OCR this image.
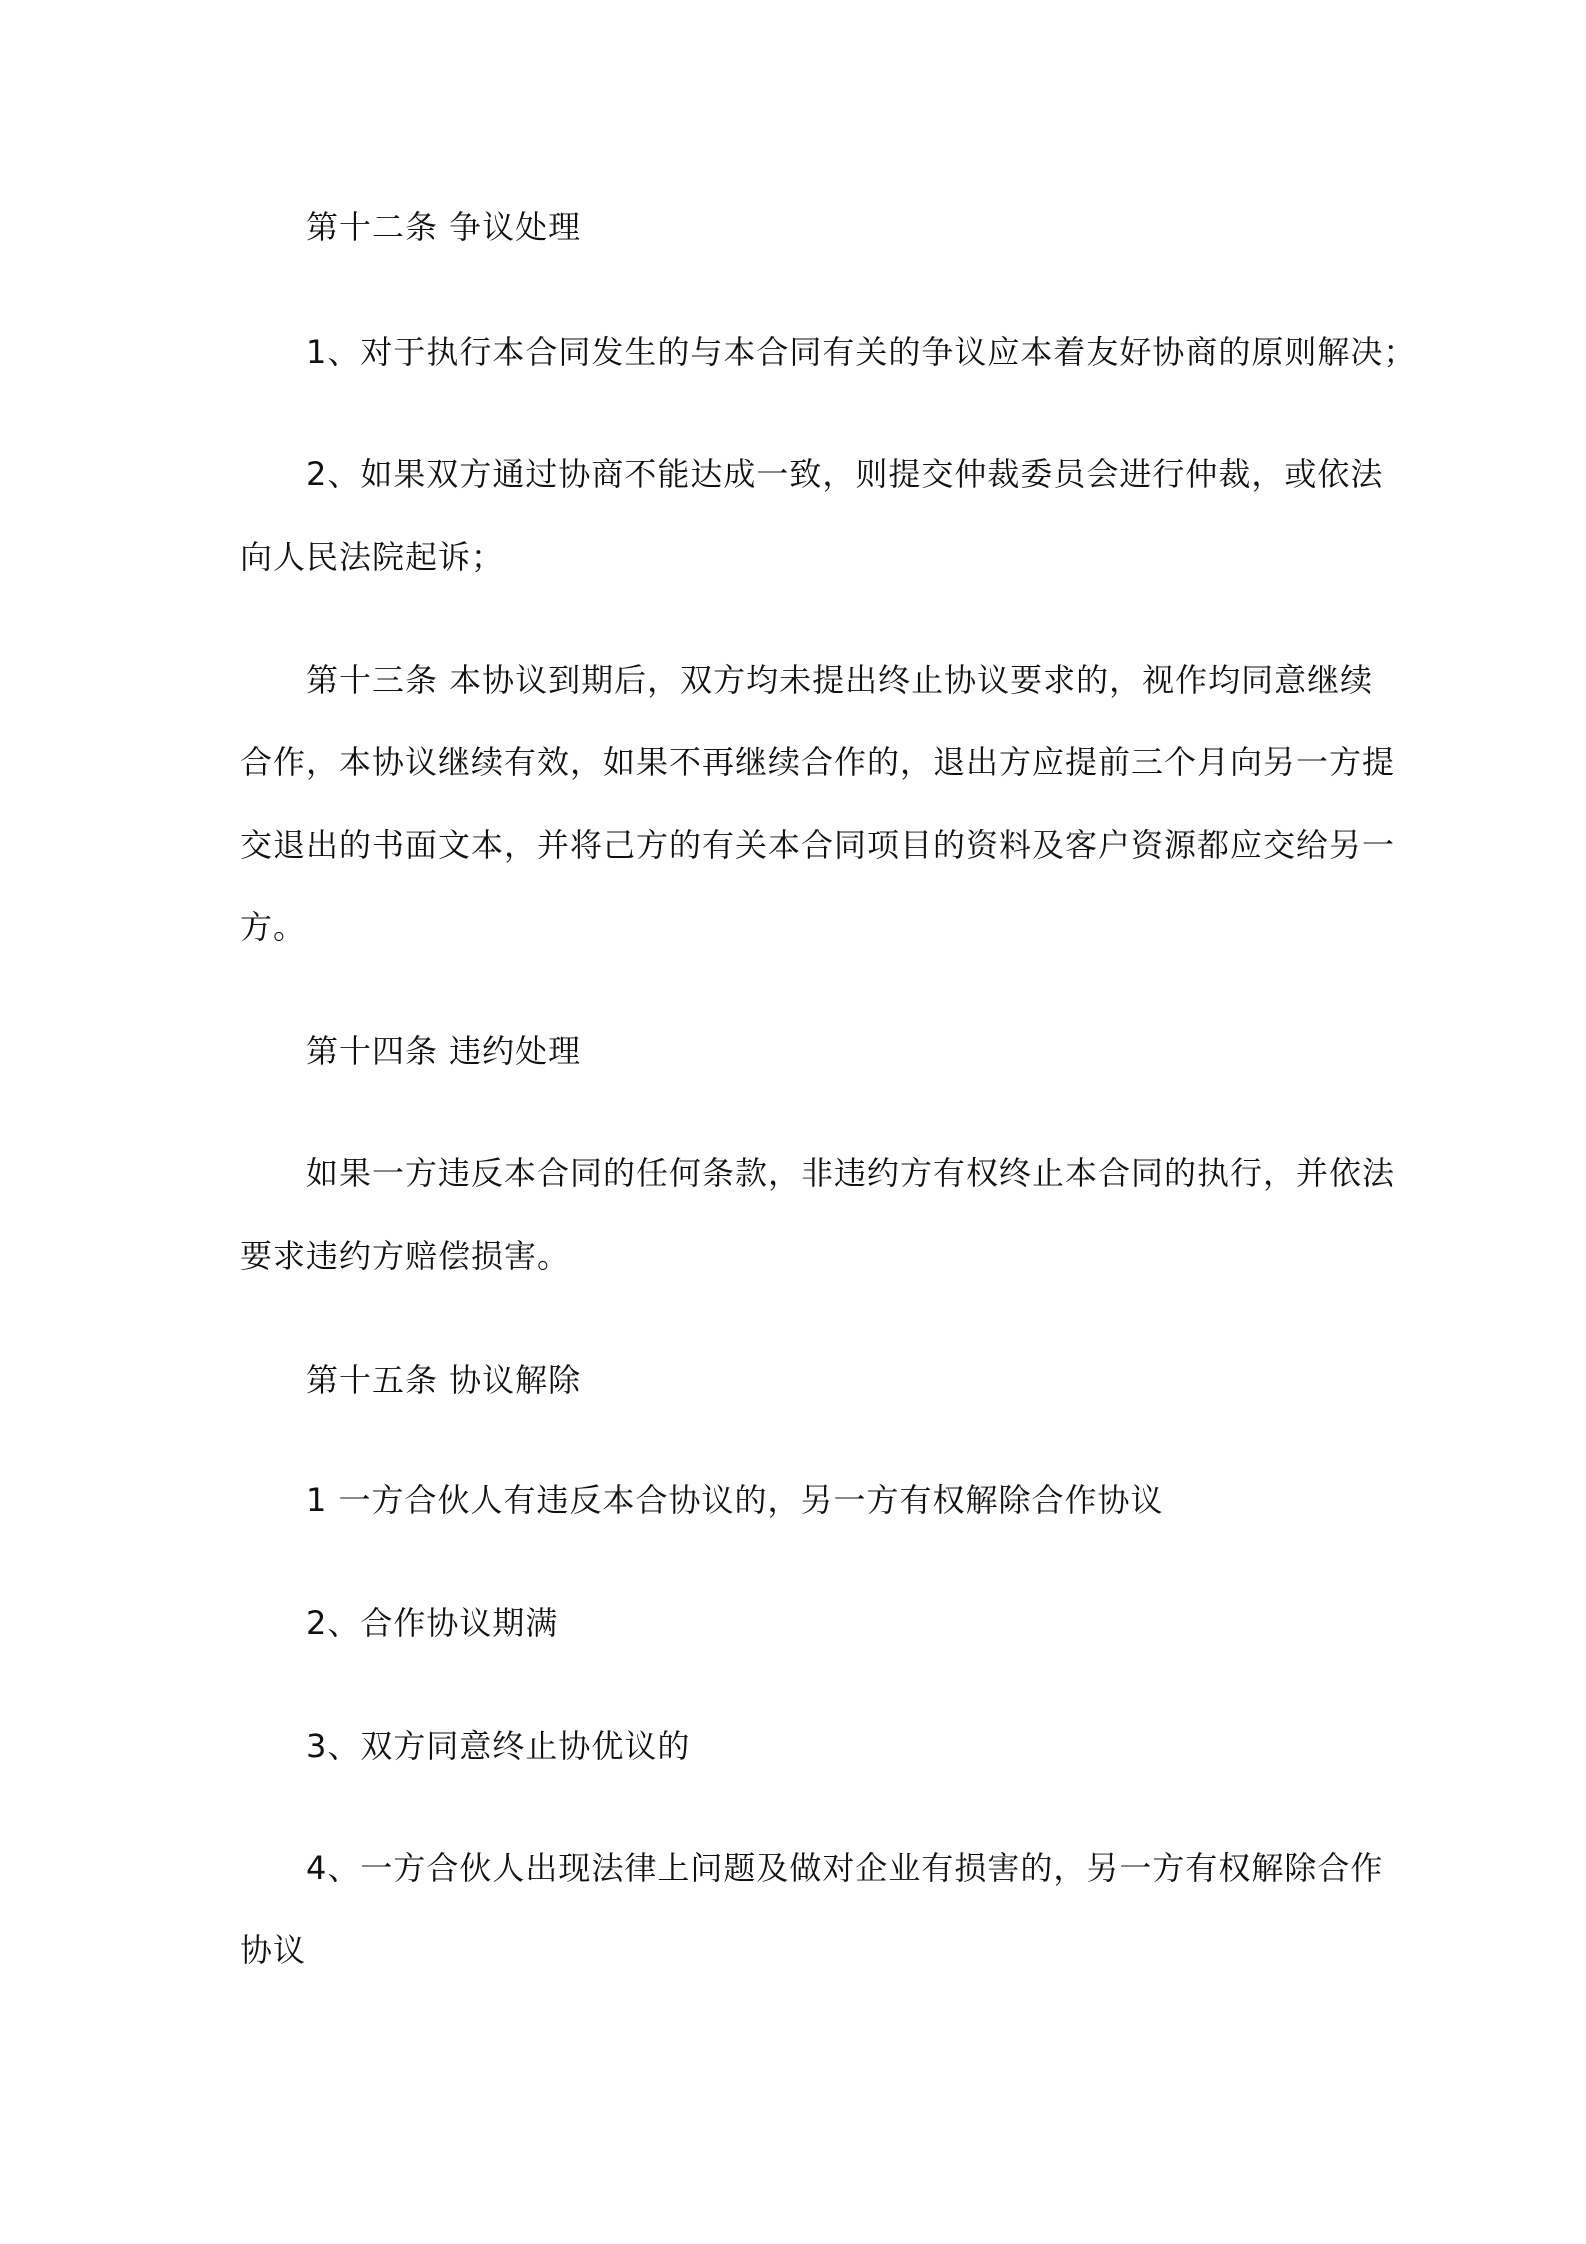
第十二条 争议处理
1、对于执行本合同发生的与本合同有关的争议应本着友好协商的原则解决；
2、如果双方通过协商不能达成一致，则提交仲裁委员会进行仲裁，或依法
向人民法院起诉；
第十三条 本协议到期后，双方均未提出终止协议要求的，视作均同意继续
合作，本协议继续有效，如果不再继续合作的，退出方应提前三个月向另一方提
交退出的书面文本，并将己方的有关本合同项目的资料及客户资源都应交给另一
方。
第十四条 违约处理
如果一方违反本合同的任何条款，非违约方有权终止本合同的执行，并依法
要求违约方赔偿损害。
第十五条 协议解除
1 一方合伙人有违反本合协议的，另一方有权解除合作协议
2、合作协议期满
3、双方同意终止协优议的
4、一方合伙人出现法律上问题及做对企业有损害的，另一方有权解除合作
协议
